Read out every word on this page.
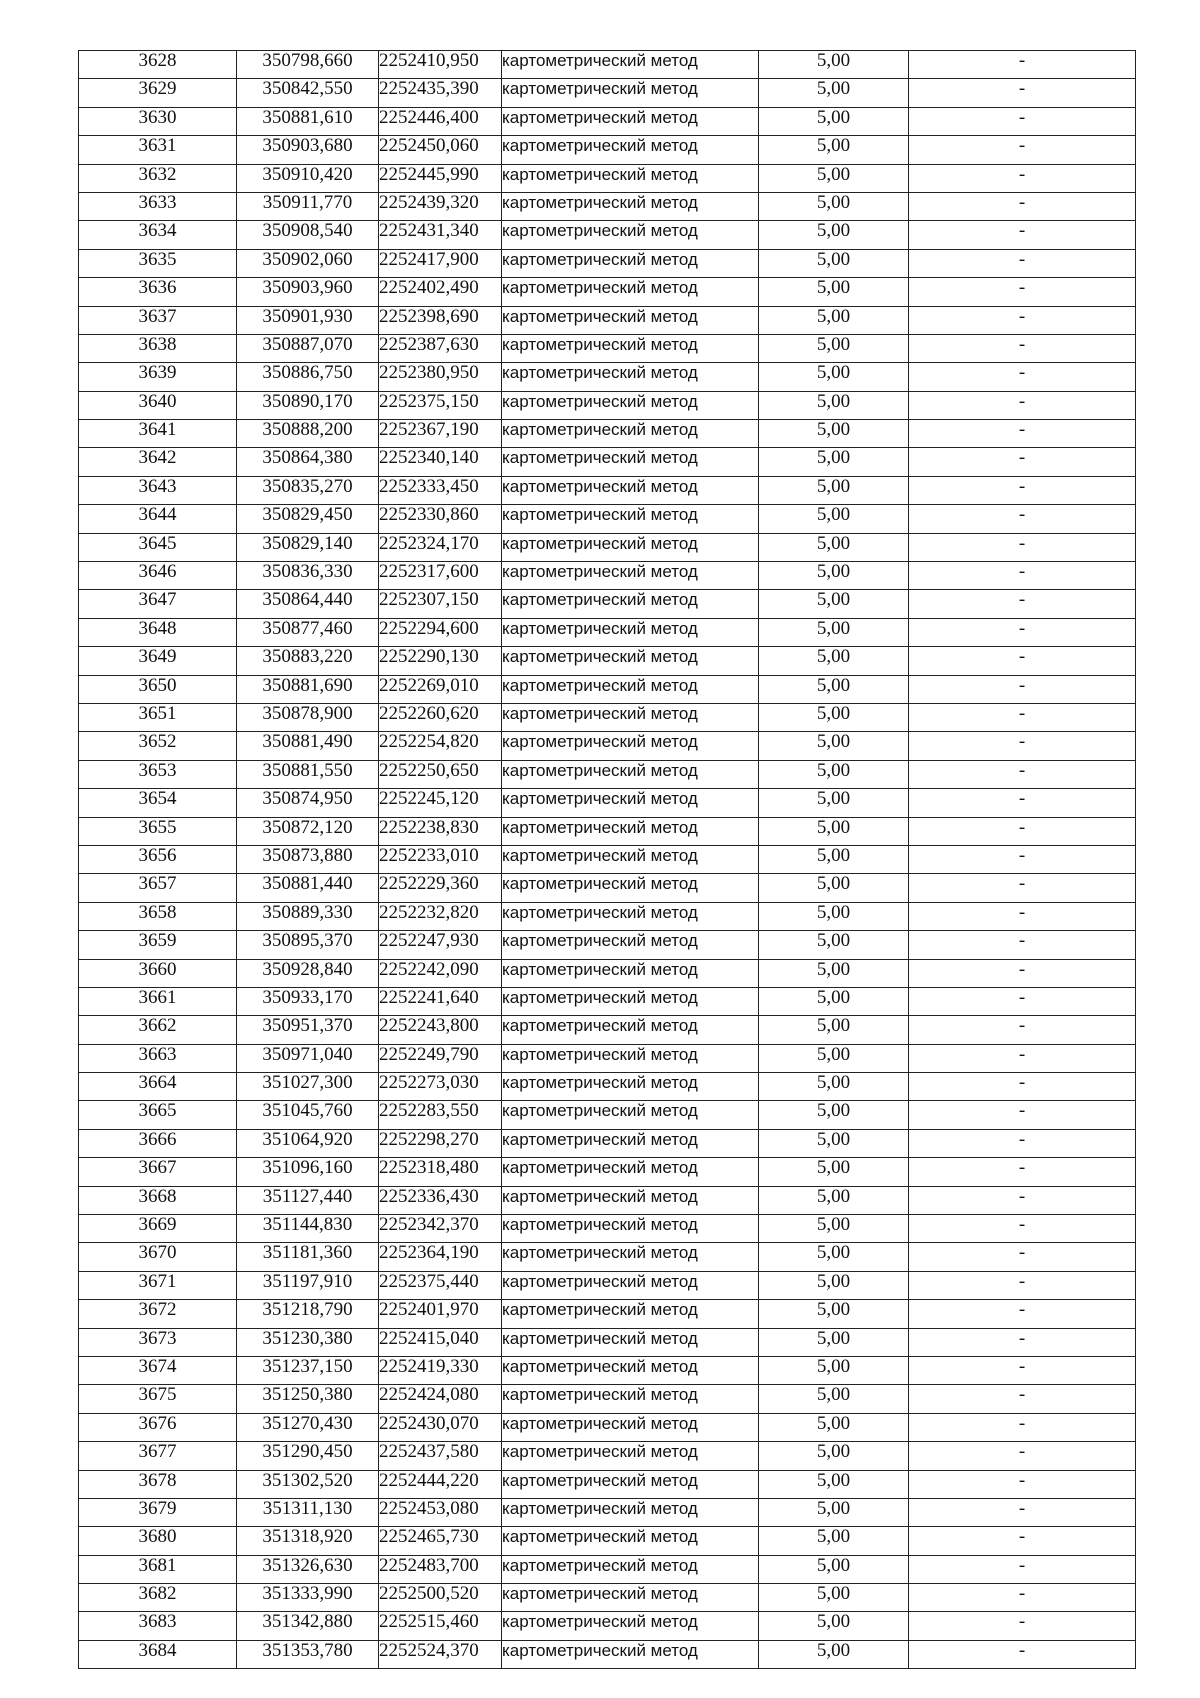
3628	350798,660	2252410,950	картометрический метод	5,00	-
3629	350842,550	2252435,390	картометрический метод	5,00	-
3630	350881,610	2252446,400	картометрический метод	5,00	-
3631	350903,680	2252450,060	картометрический метод	5,00	-
3632	350910,420	2252445,990	картометрический метод	5,00	-
3633	350911,770	2252439,320	картометрический метод	5,00	-
3634	350908,540	2252431,340	картометрический метод	5,00	-
3635	350902,060	2252417,900	картометрический метод	5,00	-
3636	350903,960	2252402,490	картометрический метод	5,00	-
3637	350901,930	2252398,690	картометрический метод	5,00	-
3638	350887,070	2252387,630	картометрический метод	5,00	-
3639	350886,750	2252380,950	картометрический метод	5,00	-
3640	350890,170	2252375,150	картометрический метод	5,00	-
3641	350888,200	2252367,190	картометрический метод	5,00	-
3642	350864,380	2252340,140	картометрический метод	5,00	-
3643	350835,270	2252333,450	картометрический метод	5,00	-
3644	350829,450	2252330,860	картометрический метод	5,00	-
3645	350829,140	2252324,170	картометрический метод	5,00	-
3646	350836,330	2252317,600	картометрический метод	5,00	-
3647	350864,440	2252307,150	картометрический метод	5,00	-
3648	350877,460	2252294,600	картометрический метод	5,00	-
3649	350883,220	2252290,130	картометрический метод	5,00	-
3650	350881,690	2252269,010	картометрический метод	5,00	-
3651	350878,900	2252260,620	картометрический метод	5,00	-
3652	350881,490	2252254,820	картометрический метод	5,00	-
3653	350881,550	2252250,650	картометрический метод	5,00	-
3654	350874,950	2252245,120	картометрический метод	5,00	-
3655	350872,120	2252238,830	картометрический метод	5,00	-
3656	350873,880	2252233,010	картометрический метод	5,00	-
3657	350881,440	2252229,360	картометрический метод	5,00	-
3658	350889,330	2252232,820	картометрический метод	5,00	-
3659	350895,370	2252247,930	картометрический метод	5,00	-
3660	350928,840	2252242,090	картометрический метод	5,00	-
3661	350933,170	2252241,640	картометрический метод	5,00	-
3662	350951,370	2252243,800	картометрический метод	5,00	-
3663	350971,040	2252249,790	картометрический метод	5,00	-
3664	351027,300	2252273,030	картометрический метод	5,00	-
3665	351045,760	2252283,550	картометрический метод	5,00	-
3666	351064,920	2252298,270	картометрический метод	5,00	-
3667	351096,160	2252318,480	картометрический метод	5,00	-
3668	351127,440	2252336,430	картометрический метод	5,00	-
3669	351144,830	2252342,370	картометрический метод	5,00	-
3670	351181,360	2252364,190	картометрический метод	5,00	-
3671	351197,910	2252375,440	картометрический метод	5,00	-
3672	351218,790	2252401,970	картометрический метод	5,00	-
3673	351230,380	2252415,040	картометрический метод	5,00	-
3674	351237,150	2252419,330	картометрический метод	5,00	-
3675	351250,380	2252424,080	картометрический метод	5,00	-
3676	351270,430	2252430,070	картометрический метод	5,00	-
3677	351290,450	2252437,580	картометрический метод	5,00	-
3678	351302,520	2252444,220	картометрический метод	5,00	-
3679	351311,130	2252453,080	картометрический метод	5,00	-
3680	351318,920	2252465,730	картометрический метод	5,00	-
3681	351326,630	2252483,700	картометрический метод	5,00	-
3682	351333,990	2252500,520	картометрический метод	5,00	-
3683	351342,880	2252515,460	картометрический метод	5,00	-
3684	351353,780	2252524,370	картометрический метод	5,00	-
